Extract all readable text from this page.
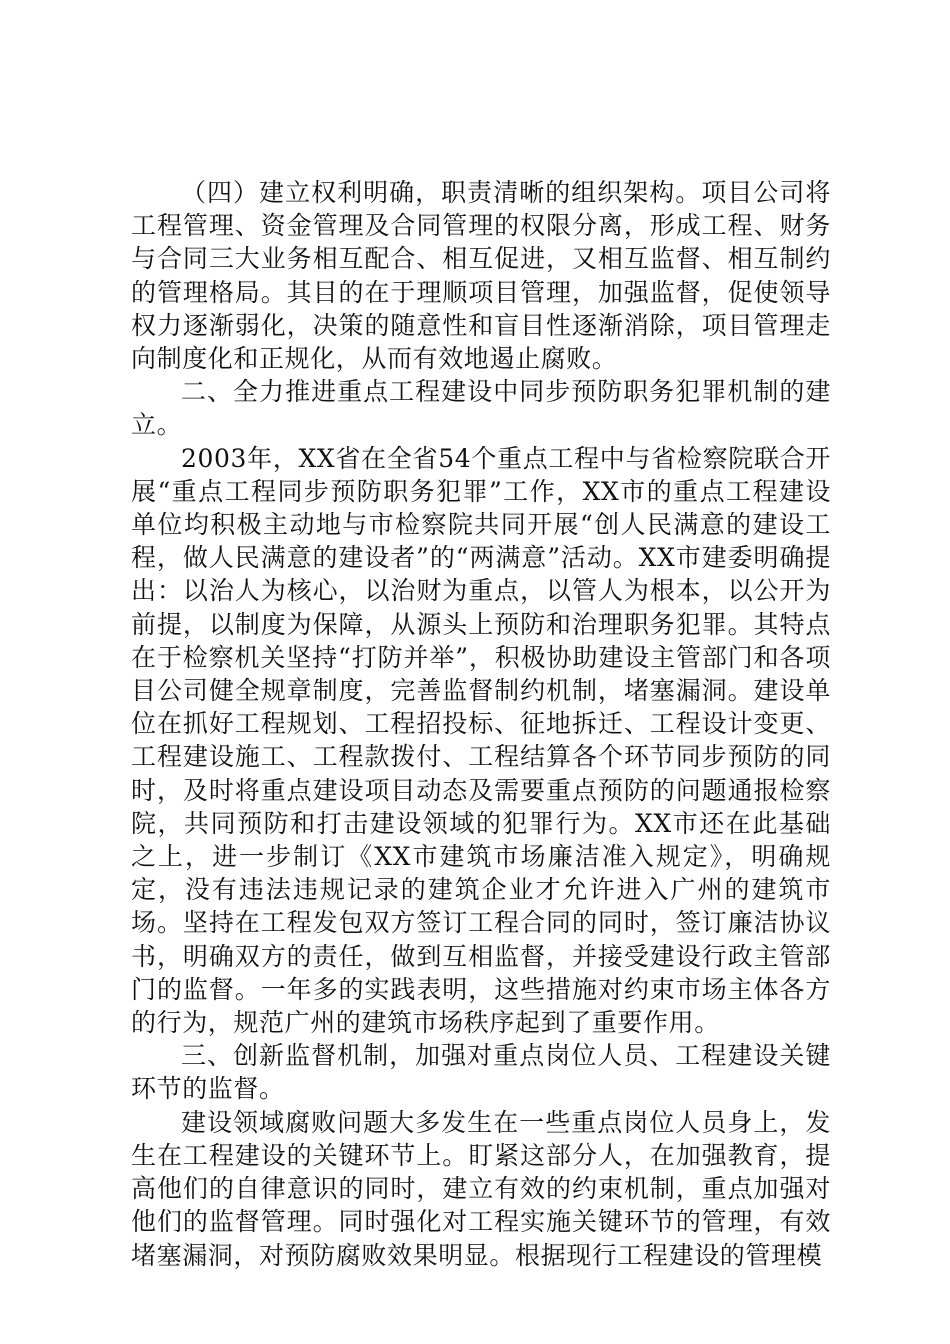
（四）建立权利明确，职责清晰的组织架构。项目公司将工程管理、资金管理及合同管理的权限分离，形成工程、财务与合同三大业务相互配合、相互促进，又相互监督、相互制约的管理格局。其目的在于理顺项目管理，加强监督，促使领导权力逐渐弱化，决策的随意性和盲目性逐渐消除，项目管理走向制度化和正规化，从而有效地遏止腐败。

二、全力推进重点工程建设中同步预防职务犯罪机制的建立。

2003年，XX省在全省54个重点工程中与省检察院联合开展“重点工程同步预防职务犯罪”工作，XX市的重点工程建设单位均积极主动地与市检察院共同开展“创人民满意的建设工程，做人民满意的建设者”的“两满意”活动。XX市建委明确提出：以治人为核心，以治财为重点，以管人为根本，以公开为前提，以制度为保障，从源头上预防和治理职务犯罪。其特点在于检察机关坚持“打防并举”，积极协助建设主管部门和各项目公司健全规章制度，完善监督制约机制，堵塞漏洞。建设单位在抓好工程规划、工程招投标、征地拆迁、工程设计变更、工程建设施工、工程款拨付、工程结算各个环节同步预防的同时，及时将重点建设项目动态及需要重点预防的问题通报检察院，共同预防和打击建设领域的犯罪行为。XX市还在此基础之上，进一步制订《XX市建筑市场廉洁准入规定》，明确规定，没有违法违规记录的建筑企业才允许进入广州的建筑市场。坚持在工程发包双方签订工程合同的同时，签订廉洁协议书，明确双方的责任，做到互相监督，并接受建设行政主管部门的监督。一年多的实践表明，这些措施对约束市场主体各方的行为，规范广州的建筑市场秩序起到了重要作用。

三、创新监督机制，加强对重点岗位人员、工程建设关键环节的监督。

建设领域腐败问题大多发生在一些重点岗位人员身上，发生在工程建设的关键环节上。盯紧这部分人，在加强教育，提高他们的自律意识的同时，建立有效的约束机制，重点加强对他们的监督管理。同时强化对工程实施关键环节的管理，有效堵塞漏洞，对预防腐败效果明显。根据现行工程建设的管理模
